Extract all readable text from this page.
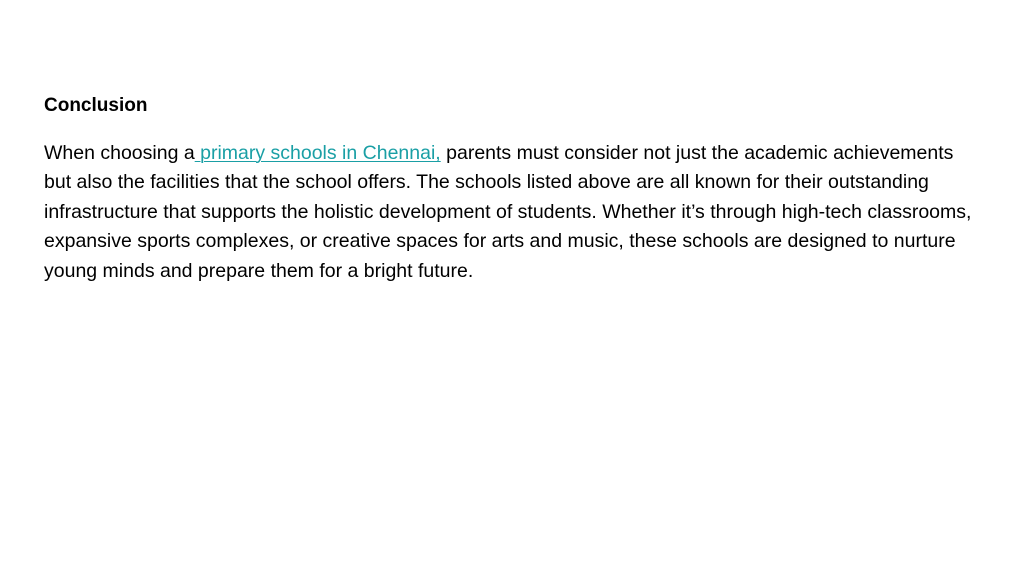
Conclusion

When choosing a primary schools in Chennai, parents must consider not just the academic achievements but also the facilities that the school offers. The schools listed above are all known for their outstanding infrastructure that supports the holistic development of students. Whether it’s through high-tech classrooms, expansive sports complexes, or creative spaces for arts and music, these schools are designed to nurture young minds and prepare them for a bright future.
